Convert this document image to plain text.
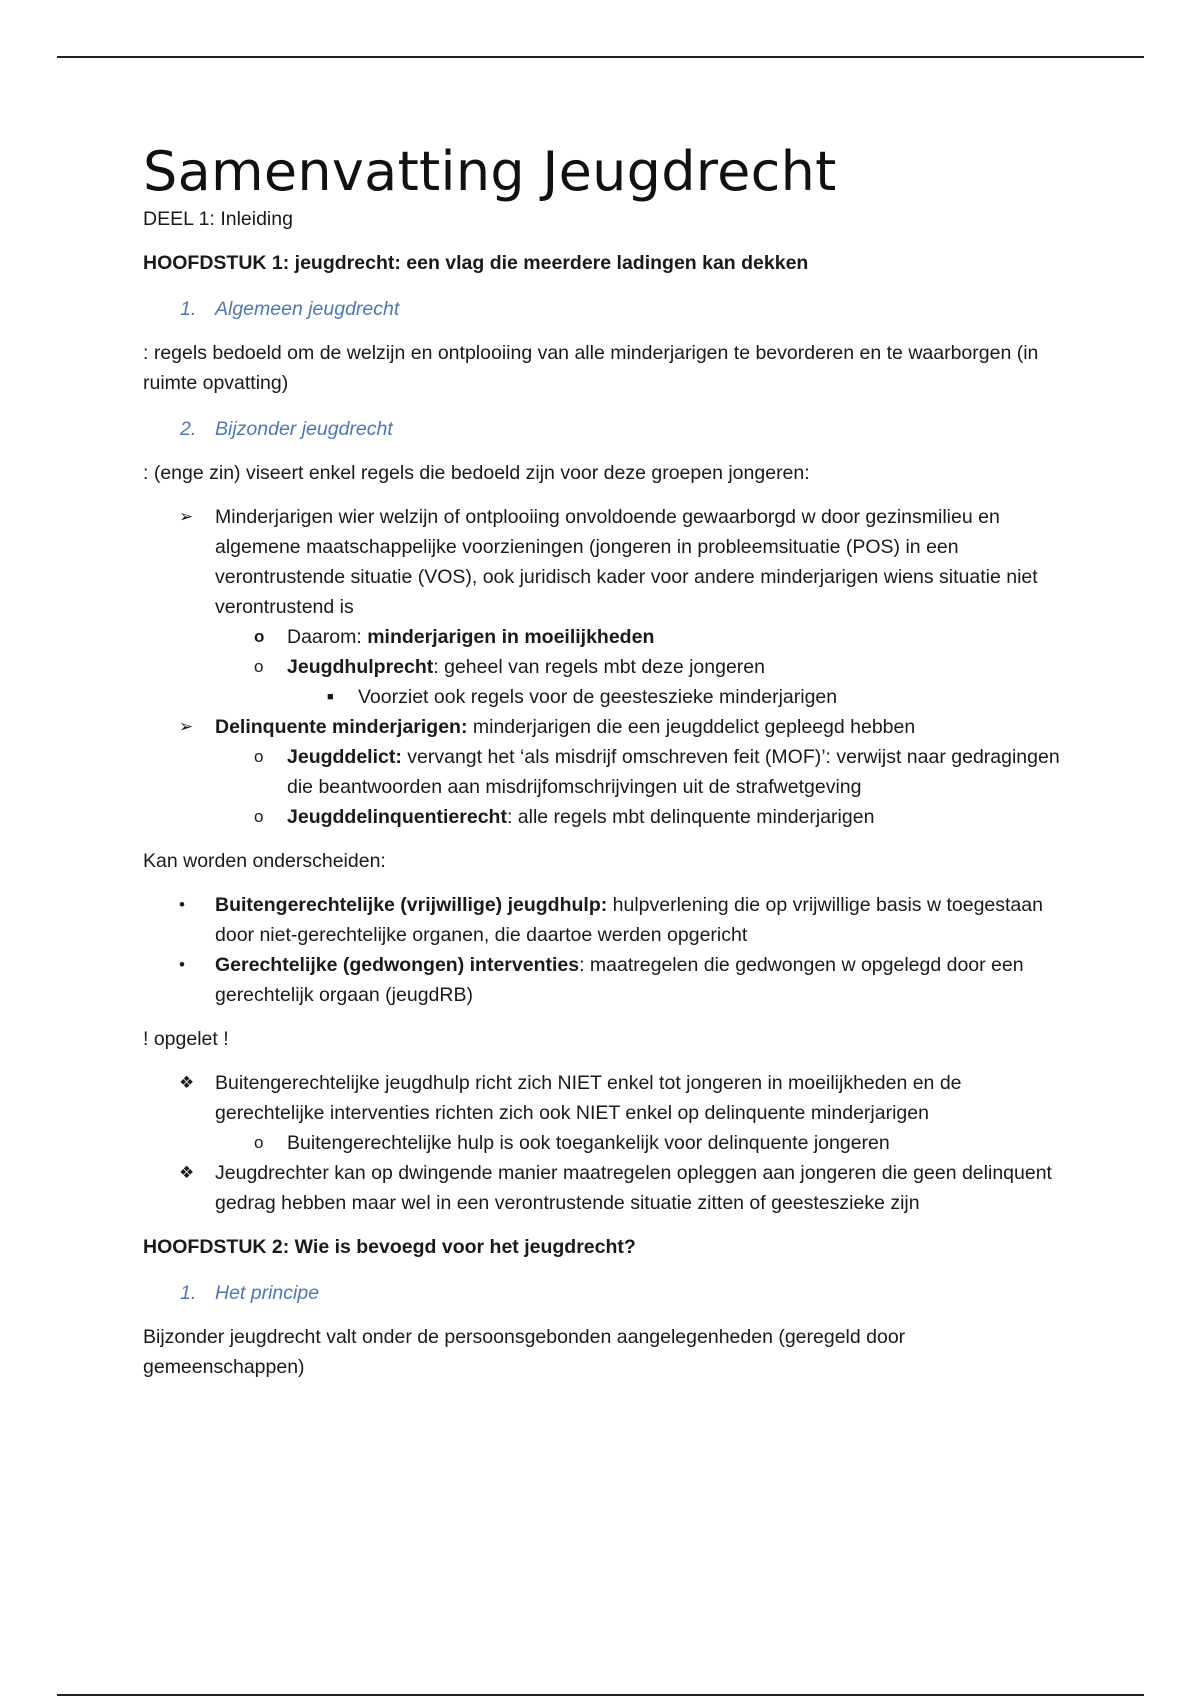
Samenvatting Jeugdrecht

DEEL 1: Inleiding

HOOFDSTUK 1: jeugdrecht: een vlag die meerdere ladingen kan dekken

1. Algemeen jeugdrecht

: regels bedoeld om de welzijn en ontplooiing van alle minderjarigen te bevorderen en te waarborgen (in ruimte opvatting)

2. Bijzonder jeugdrecht

: (enge zin) viseert enkel regels die bedoeld zijn voor deze groepen jongeren:

➢	Minderjarigen wier welzijn of ontplooiing onvoldoende gewaarborgd w door gezinsmilieu en algemene maatschappelijke voorzieningen (jongeren in probleemsituatie (POS) in een verontrustende situatie (VOS), ook juridisch kader voor andere minderjarigen wiens situatie niet verontrustend is
o	Daarom: minderjarigen in moeilijkheden
o	Jeugdhulprecht: geheel van regels mbt deze jongeren
■	Voorziet ook regels voor de geesteszieke minderjarigen
➢	Delinquente minderjarigen: minderjarigen die een jeugddelict gepleegd hebben
o	Jeugddelict: vervangt het ‘als misdrijf omschreven feit (MOF)’: verwijst naar gedragingen die beantwoorden aan misdrijfomschrijvingen uit de strafwetgeving
o	Jeugddelinquentierecht: alle regels mbt delinquente minderjarigen

Kan worden onderscheiden:

•	Buitengerechtelijke (vrijwillige) jeugdhulp: hulpverlening die op vrijwillige basis w toegestaan door niet-gerechtelijke organen, die daartoe werden opgericht
•	Gerechtelijke (gedwongen) interventies: maatregelen die gedwongen w opgelegd door een gerechtelijk orgaan (jeugdRB)

! opgelet !

❖	Buitengerechtelijke jeugdhulp richt zich NIET enkel tot jongeren in moeilijkheden en de gerechtelijke interventies richten zich ook NIET enkel op delinquente minderjarigen
o	Buitengerechtelijke hulp is ook toegankelijk voor delinquente jongeren
❖	Jeugdrechter kan op dwingende manier maatregelen opleggen aan jongeren die geen delinquent gedrag hebben maar wel in een verontrustende situatie zitten of geesteszieke zijn

HOOFDSTUK 2: Wie is bevoegd voor het jeugdrecht?

1. Het principe

Bijzonder jeugdrecht valt onder de persoonsgebonden aangelegenheden (geregeld door gemeenschappen)
